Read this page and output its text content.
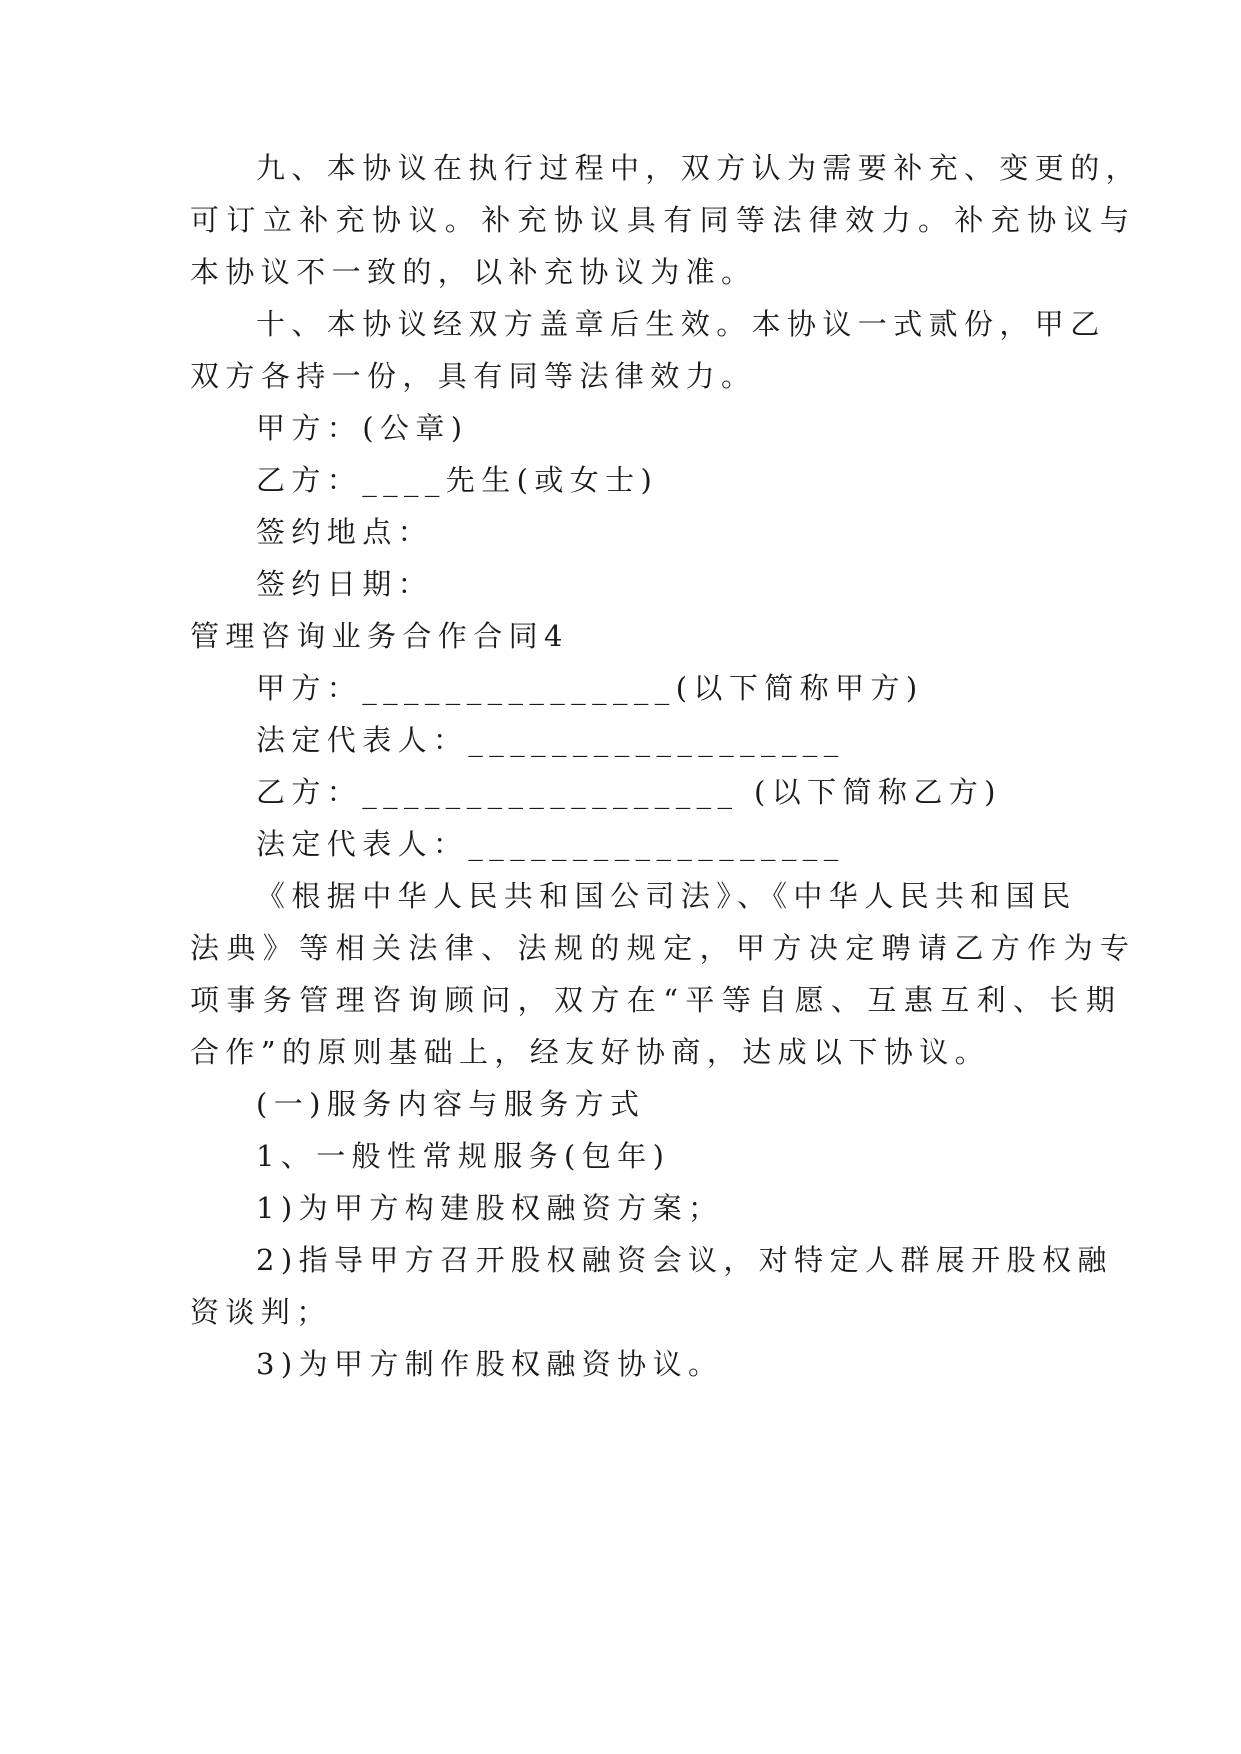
九、本协议在执行过程中，双方认为需要补充、变更的，
可订立补充协议。补充协议具有同等法律效力。补充协议与
本协议不一致的，以补充协议为准。
十、本协议经双方盖章后生效。本协议一式贰份，甲乙
双方各持一份，具有同等法律效力。
甲方：(公章)
乙方：____先生(或女士)
签约地点：
签约日期：
管理咨询业务合作合同4
甲方：_______________(以下简称甲方)
法定代表人：__________________
乙方：__________________ (以下简称乙方)
法定代表人：__________________
《根据中华人民共和国公司法》、《中华人民共和国民
法典》等相关法律、法规的规定，甲方决定聘请乙方作为专
项事务管理咨询顾问，双方在“平等自愿、互惠互利、长期
合作”的原则基础上，经友好协商，达成以下协议。
(一)服务内容与服务方式
1、一般性常规服务(包年)
1)为甲方构建股权融资方案；
2)指导甲方召开股权融资会议，对特定人群展开股权融
资谈判；
3)为甲方制作股权融资协议。
